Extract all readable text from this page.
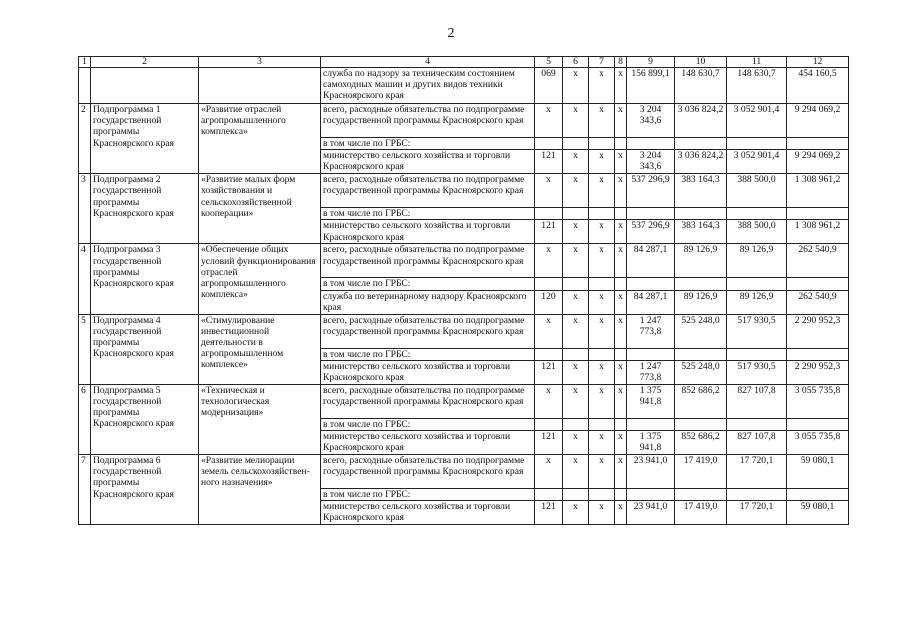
2
1	2	3	4	5	6	7	8	9	10	11	12
			служба по надзору за техническим состоянием самоходных машин и других видов техники Красноярского края	069	х	х	х	156 899,1	148 630,7	148 630,7	454 160,5
2	Подпрограмма 1 государственной программы Красноярского края	«Развитие отраслей агропромышленного комплекса»	всего, расходные обязательства по подпрограмме государственной программы Красноярского края	х	х	х	х	3 204 343,6	3 036 824,2	3 052 901,4	9 294 069,2
			в том числе по ГРБС:								
			министерство сельского хозяйства и торговли Красноярского края	121	х	х	х	3 204 343,6	3 036 824,2	3 052 901,4	9 294 069,2
3	Подпрограмма 2 государственной программы Красноярского края	«Развитие малых форм хозяйствования и сельскохозяйственной кооперации»	всего, расходные обязательства по подпрограмме государственной программы Красноярского края	х	х	х	х	537 296,9	383 164,3	388 500,0	1 308 961,2
			в том числе по ГРБС:								
			министерство сельского хозяйства и торговли Красноярского края	121	х	х	х	537 296,9	383 164,3	388 500,0	1 308 961,2
4	Подпрограмма 3 государственной программы Красноярского края	«Обеспечение общих условий функционирования отраслей агропромышленного комплекса»	всего, расходные обязательства по подпрограмме государственной программы Красноярского края	х	х	х	х	84 287,1	89 126,9	89 126,9	262 540,9
			в том числе по ГРБС:								
			служба по ветеринарному надзору Красноярского края	120	х	х	х	84 287,1	89 126,9	89 126,9	262 540,9
5	Подпрограмма 4 государственной программы Красноярского края	«Стимулирование инвестиционной деятельности в агропромышленном комплексе»	всего, расходные обязательства по подпрограмме государственной программы Красноярского края	х	х	х	х	1 247 773,8	525 248,0	517 930,5	2 290 952,3
			в том числе по ГРБС:								
			министерство сельского хозяйства и торговли Красноярского края	121	х	х	х	1 247 773,8	525 248,0	517 930,5	2 290 952,3
6	Подпрограмма 5 государственной программы Красноярского края	«Техническая и технологическая модернизация»	всего, расходные обязательства по подпрограмме государственной программы Красноярского края	х	х	х	х	1 375 941,8	852 686,2	827 107,8	3 055 735,8
			в том числе по ГРБС:								
			министерство сельского хозяйства и торговли Красноярского края	121	х	х	х	1 375 941,8	852 686,2	827 107,8	3 055 735,8
7	Подпрограмма 6 государственной программы Красноярского края	«Развитие мелиорации земель сельскохозяйствен-ного назначения»	всего, расходные обязательства по подпрограмме государственной программы Красноярского края	х	х	х	х	23 941,0	17 419,0	17 720,1	59 080,1
			в том числе по ГРБС:								
			министерство сельского хозяйства и торговли Красноярского края	121	х	х	х	23 941,0	17 419,0	17 720,1	59 080,1
